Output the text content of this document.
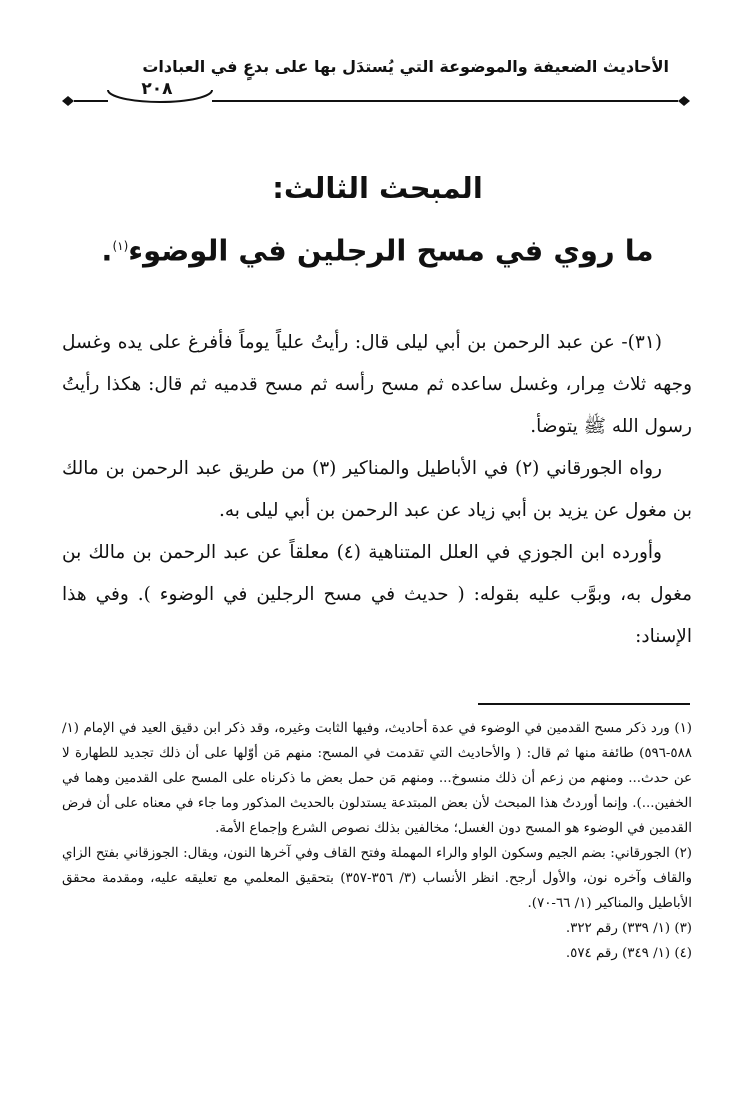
الأحاديث الضعيفة والموضوعة التي يُستدَل بها على بدعٍ في العبادات
٢٠٨
المبحث الثالث:
ما روي في مسح الرجلين في الوضوء$^{(١)}$.

(٣١)- عن عبد الرحمن بن أبي ليلى قال: رأيتُ علياً يوماً فأفرغ على يده وغسل وجهه ثلاث مِرار، وغسل ساعده ثم مسح رأسه ثم مسح قدميه ثم قال: هكذا رأيتُ رسول الله ﷺ يتوضأ.

رواه الجورقاني (٢) في الأباطيل والمناكير (٣) من طريق عبد الرحمن بن مالك بن مغول عن يزيد بن أبي زياد عن عبد الرحمن بن أبي ليلى به.

وأورده ابن الجوزي في العلل المتناهية (٤) معلقاً عن عبد الرحمن بن مالك بن مغول به، وبوَّب عليه بقوله: ( حديث في مسح الرجلين في الوضوء ). وفي هذا الإسناد:

(١) ورد ذكر مسح القدمين في الوضوء في عدة أحاديث، وفيها الثابت وغيره، وقد ذكر ابن دقيق العيد في الإمام (١/ ٥٨٨-٥٩٦) طائفة منها ثم قال: ( والأحاديث التي تقدمت في المسح: منهم مَن أوّلها على أن ذلك تجديد للطهارة لا عن حدث... ومنهم من زعم أن ذلك منسوخ... ومنهم مَن حمل بعض ما ذكرناه على المسح على القدمين وهما في الخفين...). وإنما أوردتُ هذا المبحث لأن بعض المبتدعة يستدلون بالحديث المذكور وما جاء في معناه على أن فرض القدمين في الوضوء هو المسح دون الغسل؛ مخالفين بذلك نصوص الشرع وإجماع الأمة.

(٢) الجورقاني: بضم الجيم وسكون الواو والراء المهملة وفتح القاف وفي آخرها النون، ويقال: الجوزقاني بفتح الزاي والقاف وآخره نون، والأول أرجح. انظر الأنساب (٣/ ٣٥٦-٣٥٧) بتحقيق المعلمي مع تعليقه عليه، ومقدمة محقق الأباطيل والمناكير (١/ ٦٦-٧٠).

(٣) (١/ ٣٣٩) رقم ٣٢٢.

(٤) (١/ ٣٤٩) رقم ٥٧٤.
